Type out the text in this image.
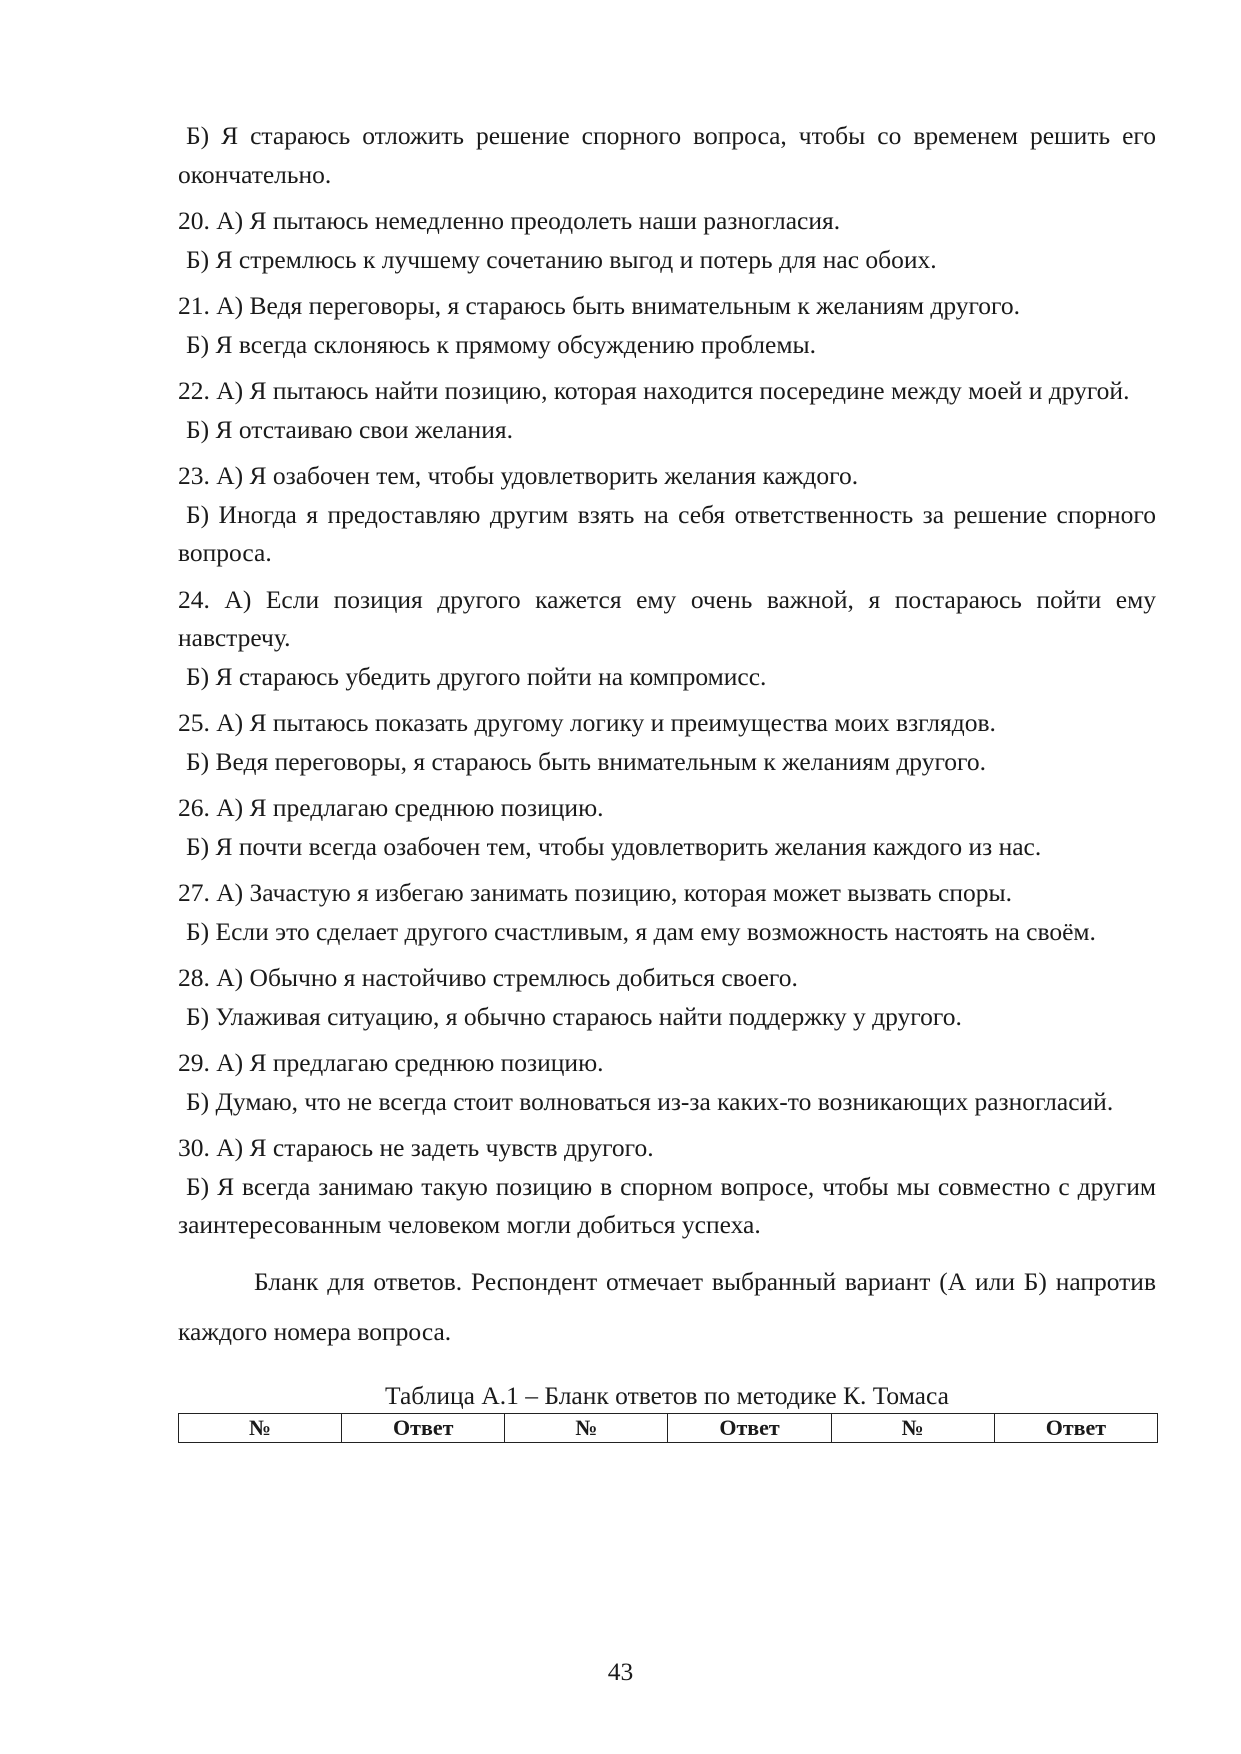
Б) Я стараюсь отложить решение спорного вопроса, чтобы со временем решить его окончательно.

20. А) Я пытаюсь немедленно преодолеть наши разногласия.

Б) Я стремлюсь к лучшему сочетанию выгод и потерь для нас обоих.

21. А) Ведя переговоры, я стараюсь быть внимательным к желаниям другого.

Б) Я всегда склоняюсь к прямому обсуждению проблемы.

22. А) Я пытаюсь найти позицию, которая находится посередине между моей и другой.

Б) Я отстаиваю свои желания.

23. А) Я озабочен тем, чтобы удовлетворить желания каждого.

Б) Иногда я предоставляю другим взять на себя ответственность за решение спорного вопроса.

24. А) Если позиция другого кажется ему очень важной, я постараюсь пойти ему навстречу.

Б) Я стараюсь убедить другого пойти на компромисс.

25. А) Я пытаюсь показать другому логику и преимущества моих взглядов.

Б) Ведя переговоры, я стараюсь быть внимательным к желаниям другого.

26. А) Я предлагаю среднюю позицию.

Б) Я почти всегда озабочен тем, чтобы удовлетворить желания каждого из нас.

27. А) Зачастую я избегаю занимать позицию, которая может вызвать споры.

Б) Если это сделает другого счастливым, я дам ему возможность настоять на своём.

28. А) Обычно я настойчиво стремлюсь добиться своего.

Б) Улаживая ситуацию, я обычно стараюсь найти поддержку у другого.

29. А) Я предлагаю среднюю позицию.

Б) Думаю, что не всегда стоит волноваться из-за каких-то возникающих разногласий.

30. А) Я стараюсь не задеть чувств другого.

Б) Я всегда занимаю такую позицию в спорном вопросе, чтобы мы совместно с другим заинтересованным человеком могли добиться успеха.

Бланк для ответов. Респондент отмечает выбранный вариант (А или Б) напротив каждого номера вопроса.

Таблица А.1 – Бланк ответов по методике К. Томаса

№	Ответ	№	Ответ	№	Ответ
43
